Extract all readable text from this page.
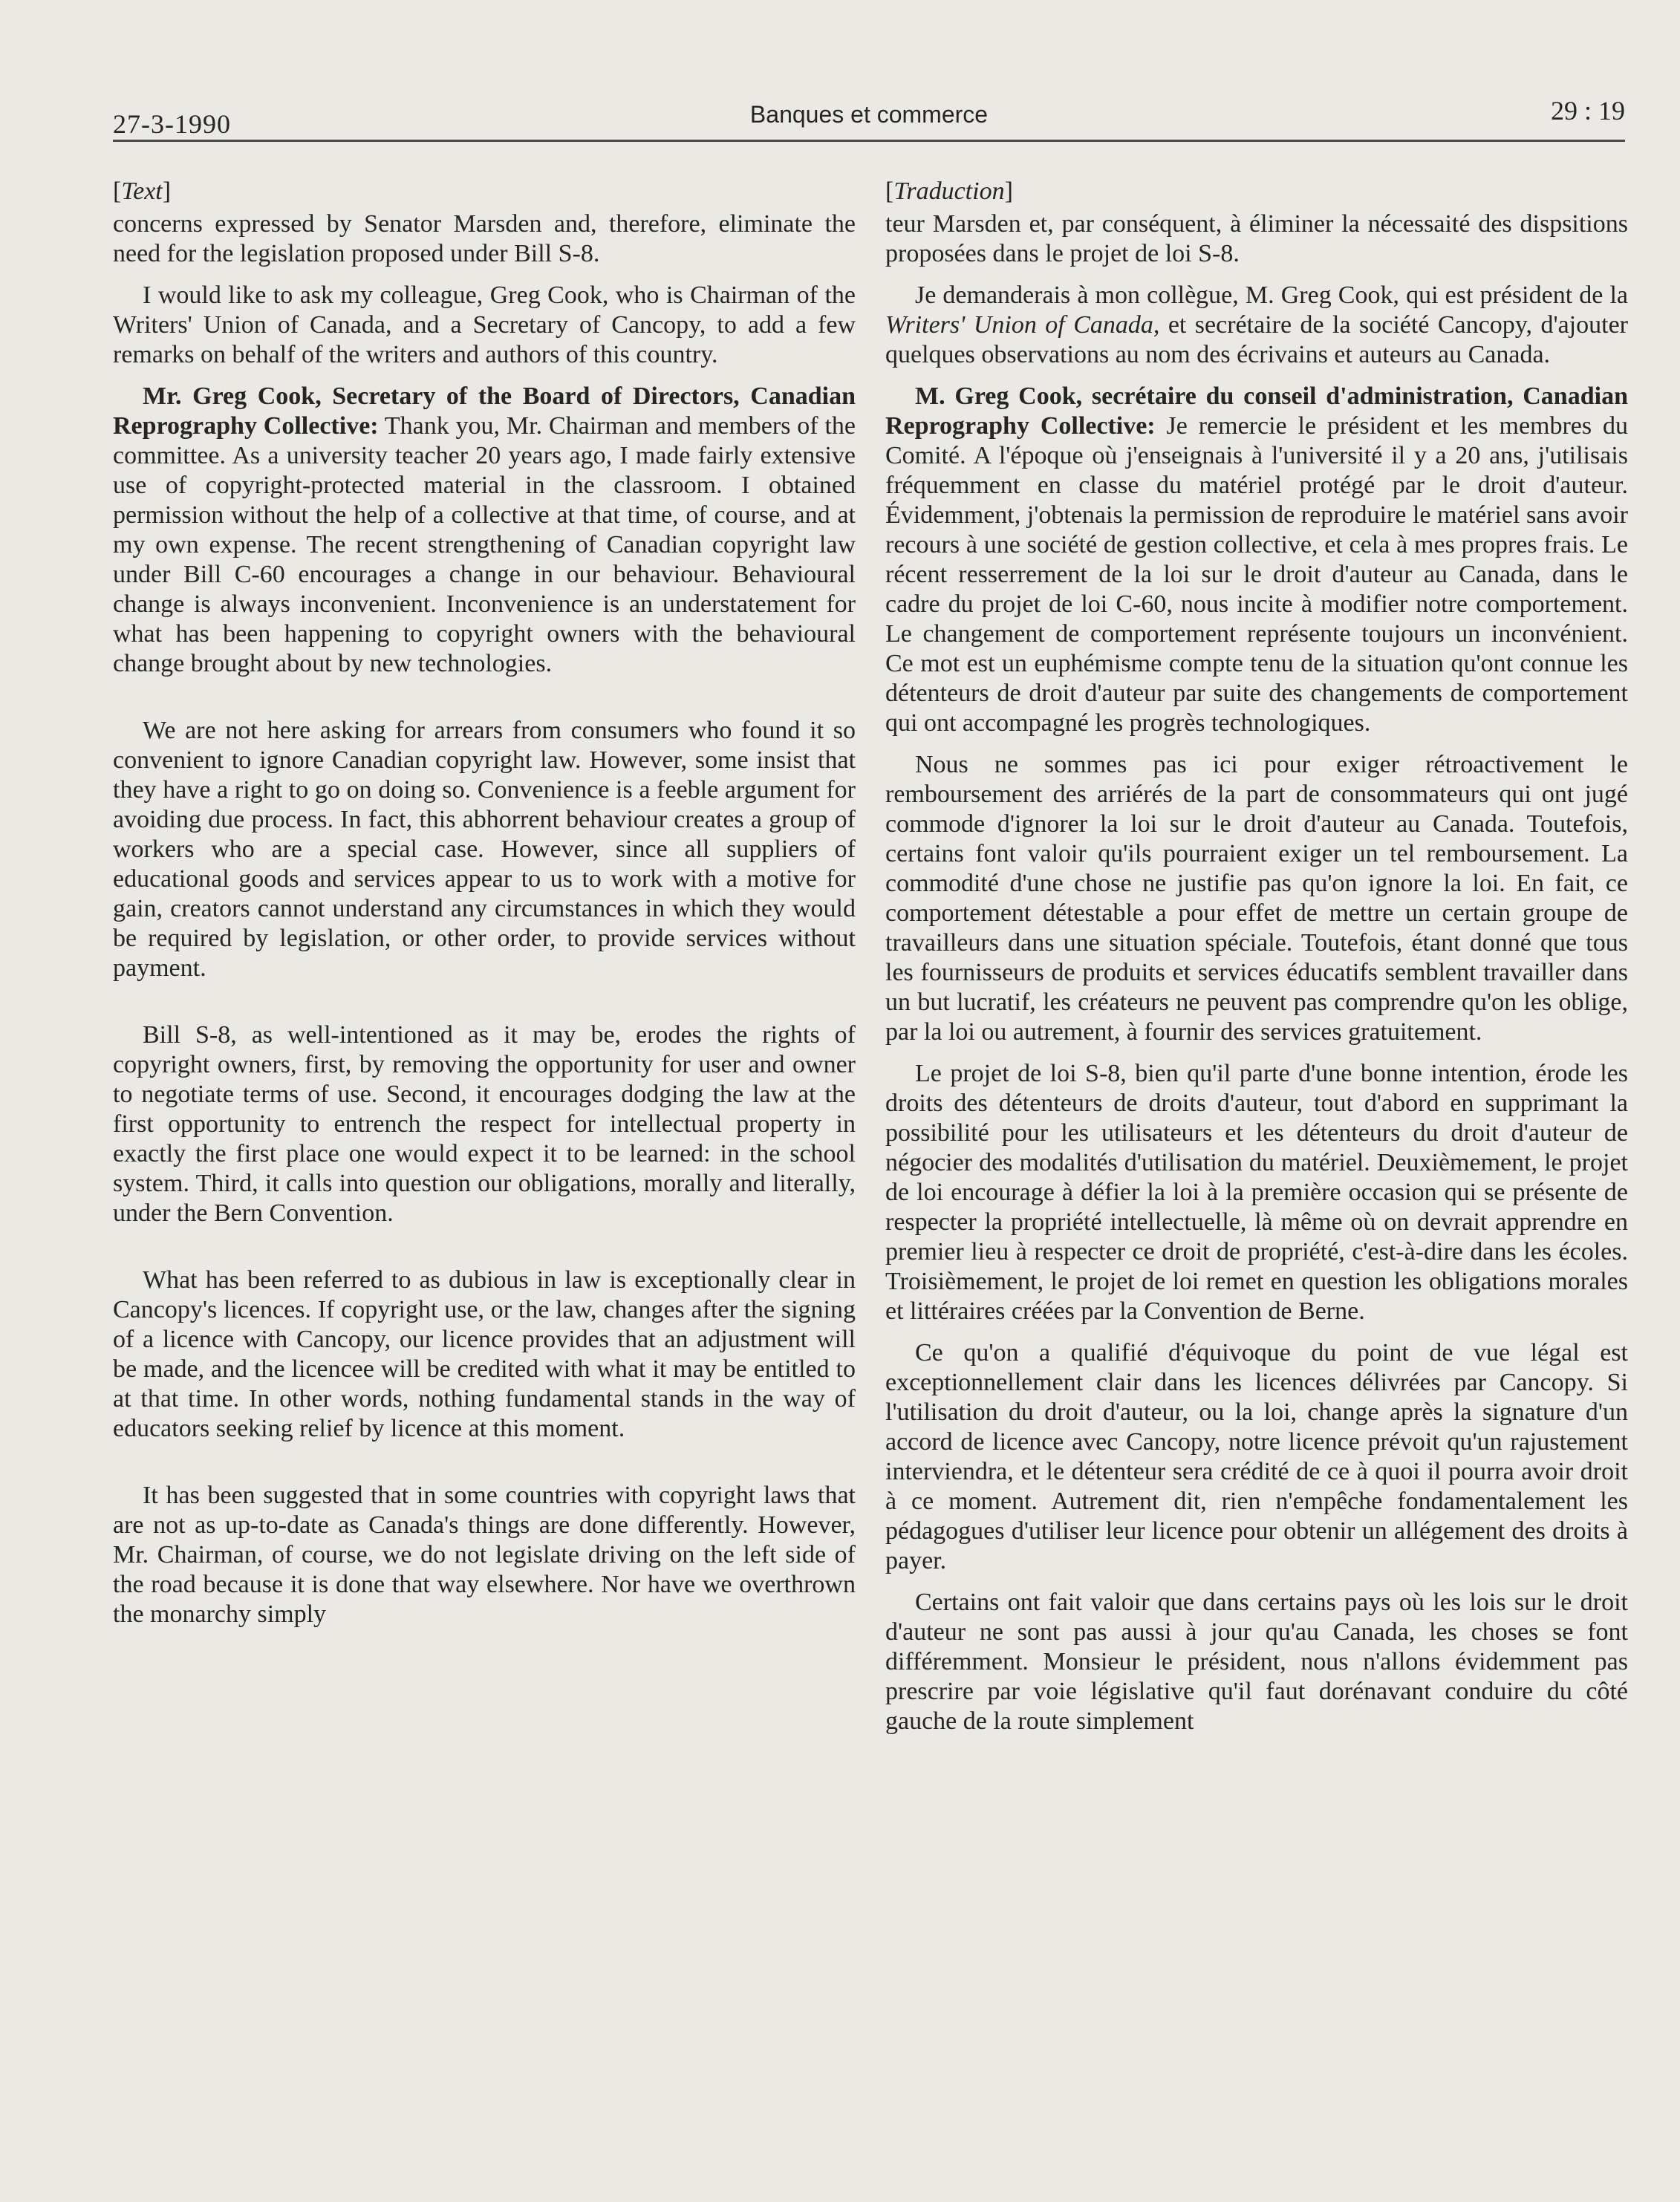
27-3-1990	Banques et commerce	29 : 19
[Text]

concerns expressed by Senator Marsden and, therefore, eliminate the need for the legislation proposed under Bill S-8.

I would like to ask my colleague, Greg Cook, who is Chairman of the Writers' Union of Canada, and a Secretary of Cancopy, to add a few remarks on behalf of the writers and authors of this country.

Mr. Greg Cook, Secretary of the Board of Directors, Canadian Reprography Collective: Thank you, Mr. Chairman and members of the committee. As a university teacher 20 years ago, I made fairly extensive use of copyright-protected material in the classroom. I obtained permission without the help of a collective at that time, of course, and at my own expense. The recent strengthening of Canadian copyright law under Bill C-60 encourages a change in our behaviour. Behavioural change is always inconvenient. Inconvenience is an understatement for what has been happening to copyright owners with the behavioural change brought about by new technologies.

We are not here asking for arrears from consumers who found it so convenient to ignore Canadian copyright law. However, some insist that they have a right to go on doing so. Convenience is a feeble argument for avoiding due process. In fact, this abhorrent behaviour creates a group of workers who are a special case. However, since all suppliers of educational goods and services appear to us to work with a motive for gain, creators cannot understand any circumstances in which they would be required by legislation, or other order, to provide services without payment.

Bill S-8, as well-intentioned as it may be, erodes the rights of copyright owners, first, by removing the opportunity for user and owner to negotiate terms of use. Second, it encourages dodging the law at the first opportunity to entrench the respect for intellectual property in exactly the first place one would expect it to be learned: in the school system. Third, it calls into question our obligations, morally and literally, under the Bern Convention.

What has been referred to as dubious in law is exceptionally clear in Cancopy's licences. If copyright use, or the law, changes after the signing of a licence with Cancopy, our licence provides that an adjustment will be made, and the licencee will be credited with what it may be entitled to at that time. In other words, nothing fundamental stands in the way of educators seeking relief by licence at this moment.

It has been suggested that in some countries with copyright laws that are not as up-to-date as Canada's things are done differently. However, Mr. Chairman, of course, we do not legislate driving on the left side of the road because it is done that way elsewhere. Nor have we overthrown the monarchy simply

[Traduction]

teur Marsden et, par conséquent, à éliminer la nécessaité des dispsitions proposées dans le projet de loi S-8.

Je demanderais à mon collègue, M. Greg Cook, qui est président de la Writers' Union of Canada, et secrétaire de la société Cancopy, d'ajouter quelques observations au nom des écrivains et auteurs au Canada.

M. Greg Cook, secrétaire du conseil d'administration, Canadian Reprography Collective: Je remercie le président et les membres du Comité. A l'époque où j'enseignais à l'université il y a 20 ans, j'utilisais fréquemment en classe du matériel protégé par le droit d'auteur. Évidemment, j'obtenais la permission de reproduire le matériel sans avoir recours à une société de gestion collective, et cela à mes propres frais. Le récent resserrement de la loi sur le droit d'auteur au Canada, dans le cadre du projet de loi C-60, nous incite à modifier notre comportement. Le changement de comportement représente toujours un inconvénient. Ce mot est un euphémisme compte tenu de la situation qu'ont connue les détenteurs de droit d'auteur par suite des changements de comportement qui ont accompagné les progrès technologiques.

Nous ne sommes pas ici pour exiger rétroactivement le remboursement des arriérés de la part de consommateurs qui ont jugé commode d'ignorer la loi sur le droit d'auteur au Canada. Toutefois, certains font valoir qu'ils pourraient exiger un tel remboursement. La commodité d'une chose ne justifie pas qu'on ignore la loi. En fait, ce comportement détestable a pour effet de mettre un certain groupe de travailleurs dans une situation spéciale. Toutefois, étant donné que tous les fournisseurs de produits et services éducatifs semblent travailler dans un but lucratif, les créateurs ne peuvent pas comprendre qu'on les oblige, par la loi ou autrement, à fournir des services gratuitement.

Le projet de loi S-8, bien qu'il parte d'une bonne intention, érode les droits des détenteurs de droits d'auteur, tout d'abord en supprimant la possibilité pour les utilisateurs et les détenteurs du droit d'auteur de négocier des modalités d'utilisation du matériel. Deuxièmement, le projet de loi encourage à défier la loi à la première occasion qui se présente de respecter la propriété intellectuelle, là même où on devrait apprendre en premier lieu à respecter ce droit de propriété, c'est-à-dire dans les écoles. Troisièmement, le projet de loi remet en question les obligations morales et littéraires créées par la Convention de Berne.

Ce qu'on a qualifié d'équivoque du point de vue légal est exceptionnellement clair dans les licences délivrées par Cancopy. Si l'utilisation du droit d'auteur, ou la loi, change après la signature d'un accord de licence avec Cancopy, notre licence prévoit qu'un rajustement interviendra, et le détenteur sera crédité de ce à quoi il pourra avoir droit à ce moment. Autrement dit, rien n'empêche fondamentalement les pédagogues d'utiliser leur licence pour obtenir un allégement des droits à payer.

Certains ont fait valoir que dans certains pays où les lois sur le droit d'auteur ne sont pas aussi à jour qu'au Canada, les choses se font différemment. Monsieur le président, nous n'allons évidemment pas prescrire par voie législative qu'il faut dorénavant conduire du côté gauche de la route simplement
